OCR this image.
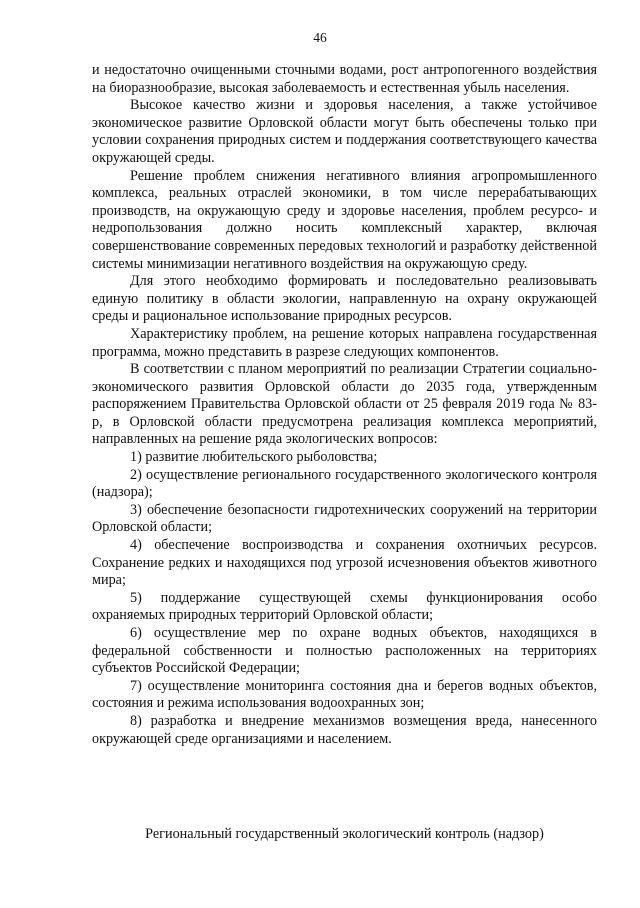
46

и недостаточно очищенными сточными водами, рост антропогенного воздействия на биоразнообразие, высокая заболеваемость и естественная убыль населения.

Высокое качество жизни и здоровья населения, а также устойчивое экономическое развитие Орловской области могут быть обеспечены только при условии сохранения природных систем и поддержания соответствующего качества окружающей среды.

Решение проблем снижения негативного влияния агропромышленного комплекса, реальных отраслей экономики, в том числе перерабатывающих производств, на окружающую среду и здоровье населения, проблем ресурсо- и недропользования должно носить комплексный характер, включая совершенствование современных передовых технологий и разработку действенной системы минимизации негативного воздействия на окружающую среду.

Для этого необходимо формировать и последовательно реализовывать единую политику в области экологии, направленную на охрану окружающей среды и рациональное использование природных ресурсов.

Характеристику проблем, на решение которых направлена государственная программа, можно представить в разрезе следующих компонентов.

В соответствии с планом мероприятий по реализации Стратегии социально-экономического развития Орловской области до 2035 года, утвержденным распоряжением Правительства Орловской области от 25 февраля 2019 года № 83-р, в Орловской области предусмотрена реализация комплекса мероприятий, направленных на решение ряда экологических вопросов:

1) развитие любительского рыболовства;

2) осуществление регионального государственного экологического контроля (надзора);

3) обеспечение безопасности гидротехнических сооружений на территории Орловской области;

4) обеспечение воспроизводства и сохранения охотничьих ресурсов. Сохранение редких и находящихся под угрозой исчезновения объектов животного мира;

5) поддержание существующей схемы функционирования особо охраняемых природных территорий Орловской области;

6) осуществление мер по охране водных объектов, находящихся в федеральной собственности и полностью расположенных на территориях субъектов Российской Федерации;

7) осуществление мониторинга состояния дна и берегов водных объектов, состояния и режима использования водоохранных зон;

8) разработка и внедрение механизмов возмещения вреда, нанесенного окружающей среде организациями и населением.

Региональный государственный экологический контроль (надзор)
